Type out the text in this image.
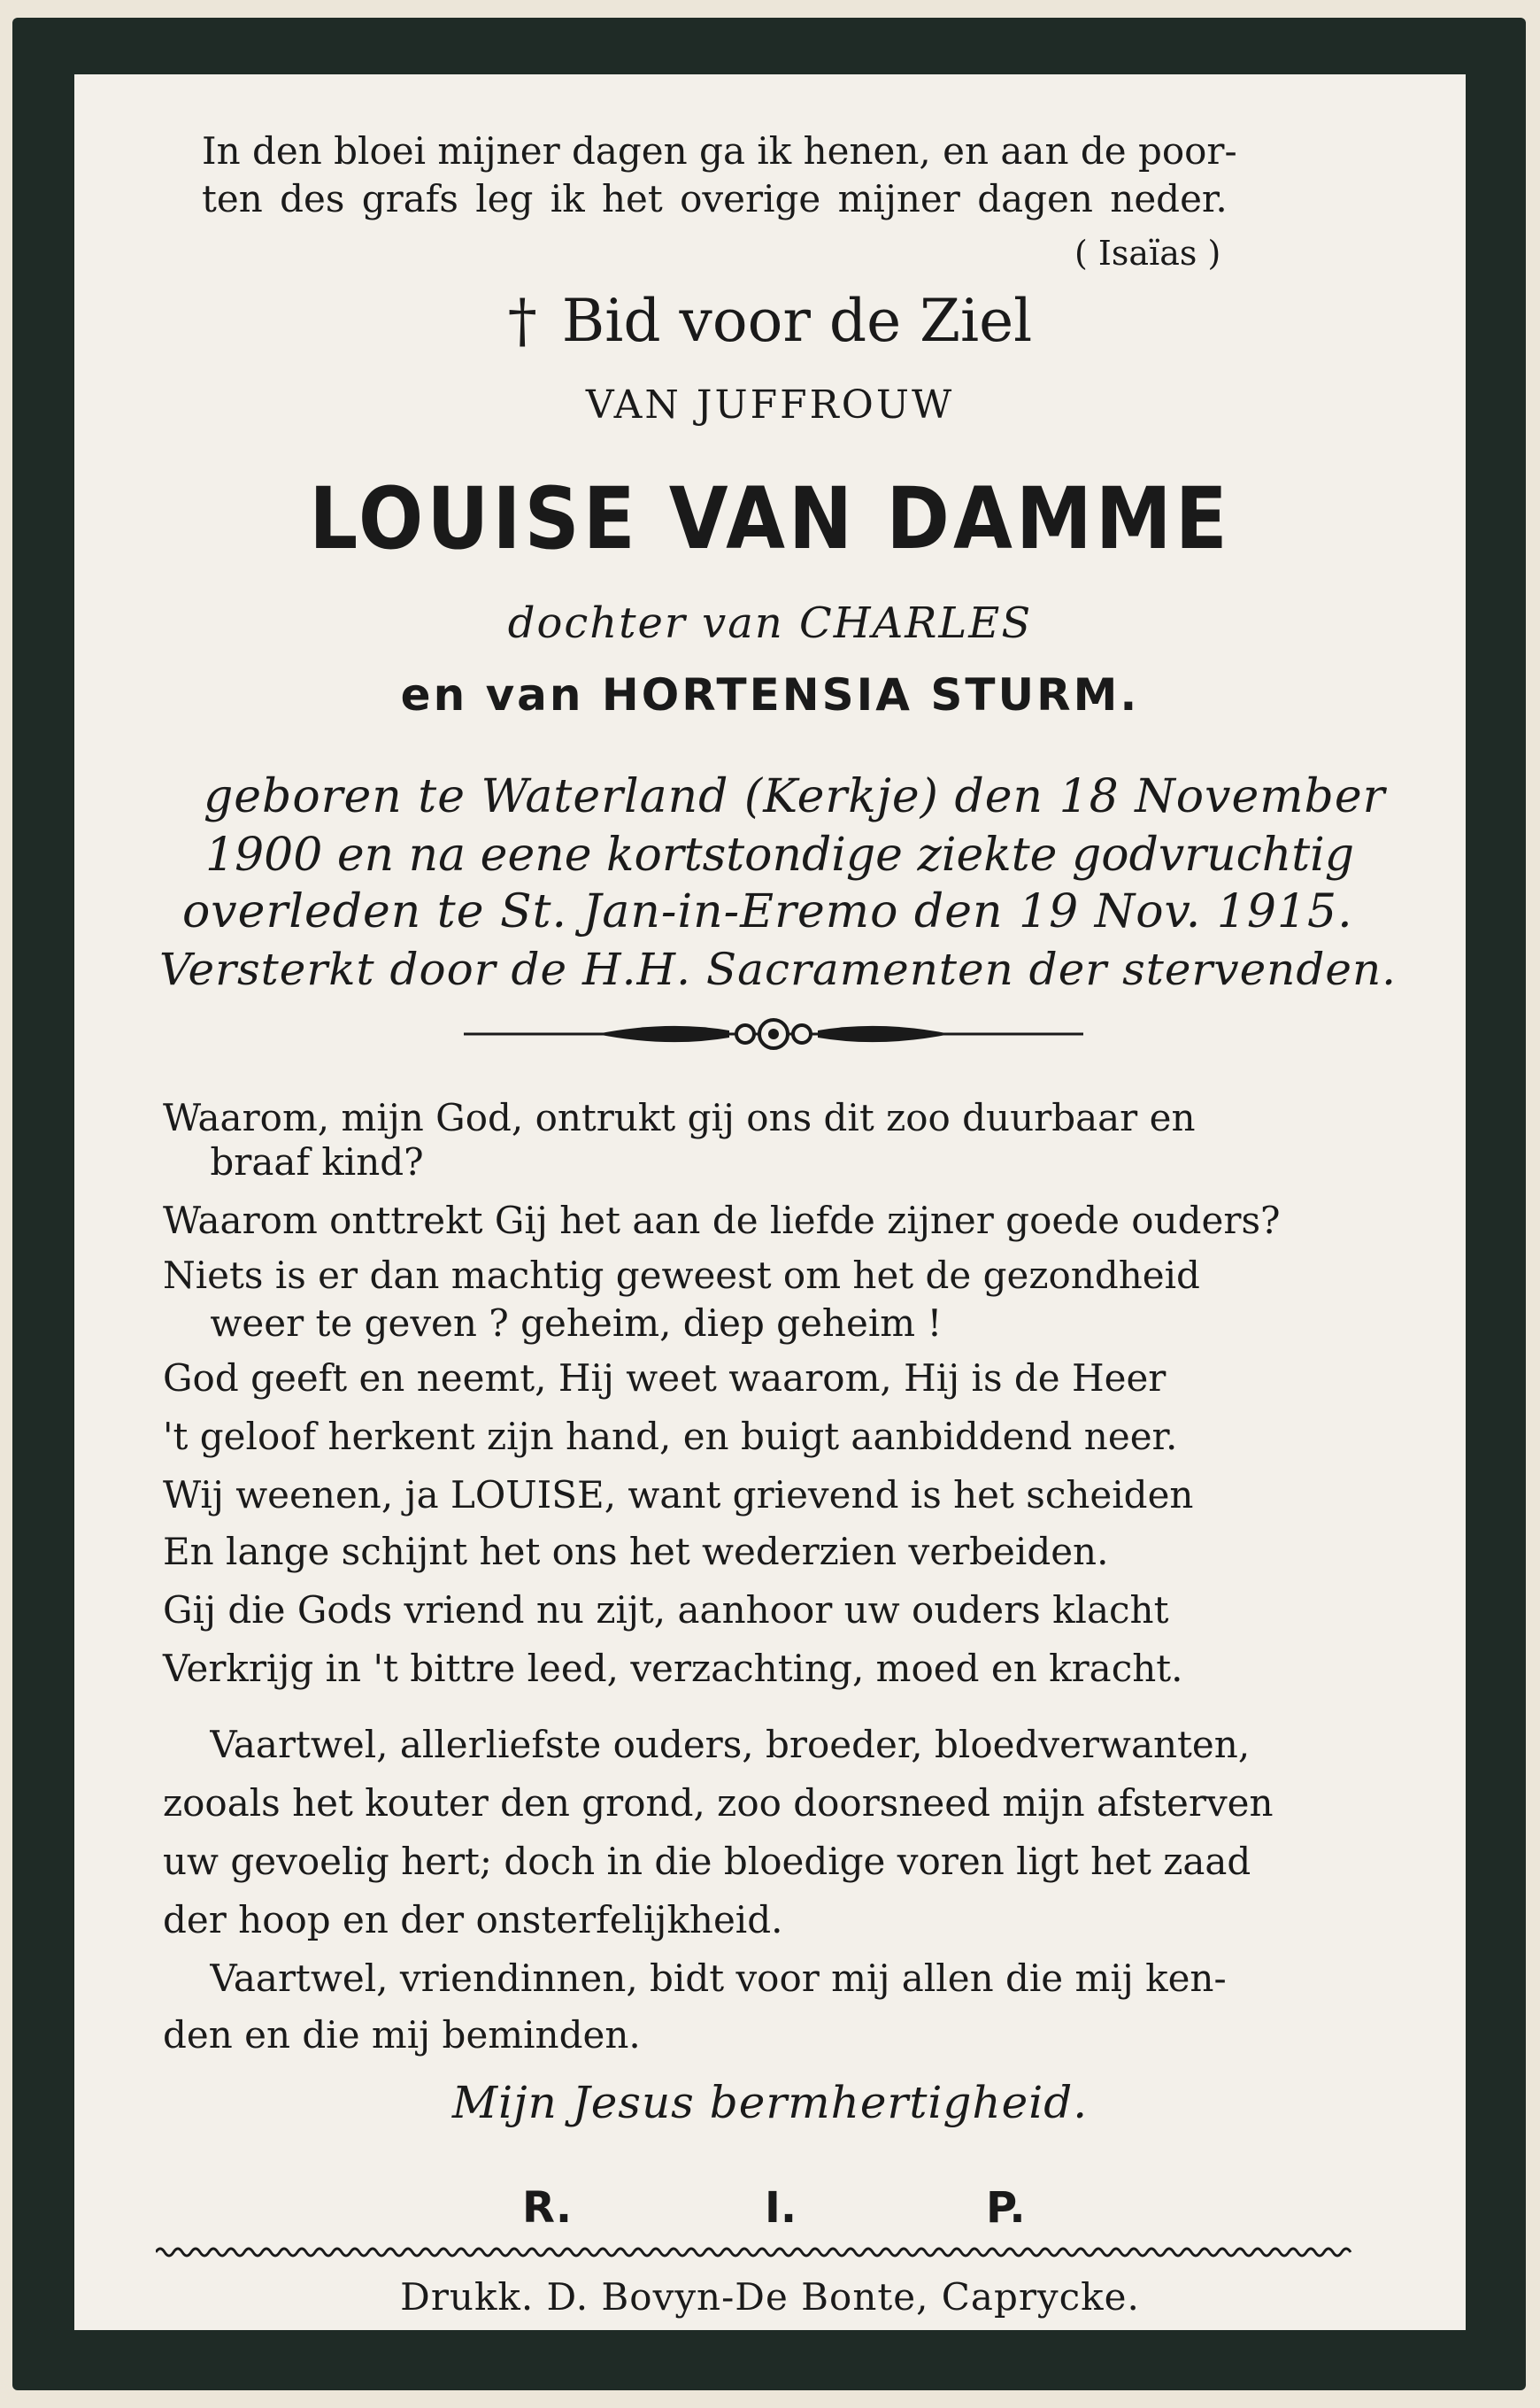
In den bloei mijner dagen ga ik henen, en aan de poor-
ten des grafs leg ik het overige mijner dagen neder.
( Isaïas )
† Bid voor de Ziel
VAN JUFFROUW
LOUISE VAN DAMME
dochter van CHARLES
en van HORTENSIA STURM.
geboren te Waterland (Kerkje) den 18 November
1900 en na eene kortstondige ziekte godvruchtig
overleden te St. Jan-in-Eremo den 19 Nov. 1915.
Versterkt door de H.H. Sacramenten der stervenden.
Waarom, mijn God, ontrukt gij ons dit zoo duurbaar en
braaf kind?
Waarom onttrekt Gij het aan de liefde zijner goede ouders?
Niets is er dan machtig geweest om het de gezondheid
weer te geven ? geheim, diep geheim !
God geeft en neemt, Hij weet waarom, Hij is de Heer
't geloof herkent zijn hand, en buigt aanbiddend neer.
Wij weenen, ja LOUISE, want grievend is het scheiden
En lange schijnt het ons het wederzien verbeiden.
Gij die Gods vriend nu zijt, aanhoor uw ouders klacht
Verkrijg in 't bittre leed, verzachting, moed en kracht.
Vaartwel, allerliefste ouders, broeder, bloedverwanten,
zooals het kouter den grond, zoo doorsneed mijn afsterven
uw gevoelig hert; doch in die bloedige voren ligt het zaad
der hoop en der onsterfelijkheid.
Vaartwel, vriendinnen, bidt voor mij allen die mij ken-
den en die mij beminden.
Mijn Jesus bermhertigheid.
R.	I.	P.
Drukk. D. Bovyn-De Bonte, Caprycke.
